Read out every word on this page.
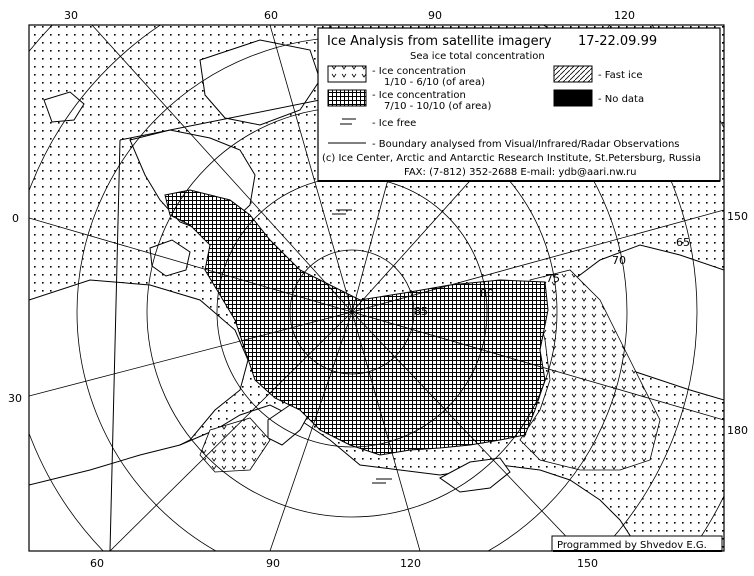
85
80
75
70
65
30	60	90	120
60	90	120	150
0
30
150
180
Ice Analysis from satellite imagery 17-22.09.99
Sea ice total concentration
- Ice concentration
1/10 - 6/10 (of area)
- Ice concentration
7/10 - 10/10 (of area)
- Ice free
- Fast ice
- No data
- Boundary analysed from Visual/Infrared/Radar Observations
(c) Ice Center, Arctic and Antarctic Research Institute, St.Petersburg, Russia
FAX: (7-812) 352-2688 E-mail: ydb@aari.nw.ru
Programmed by Shvedov E.G.
